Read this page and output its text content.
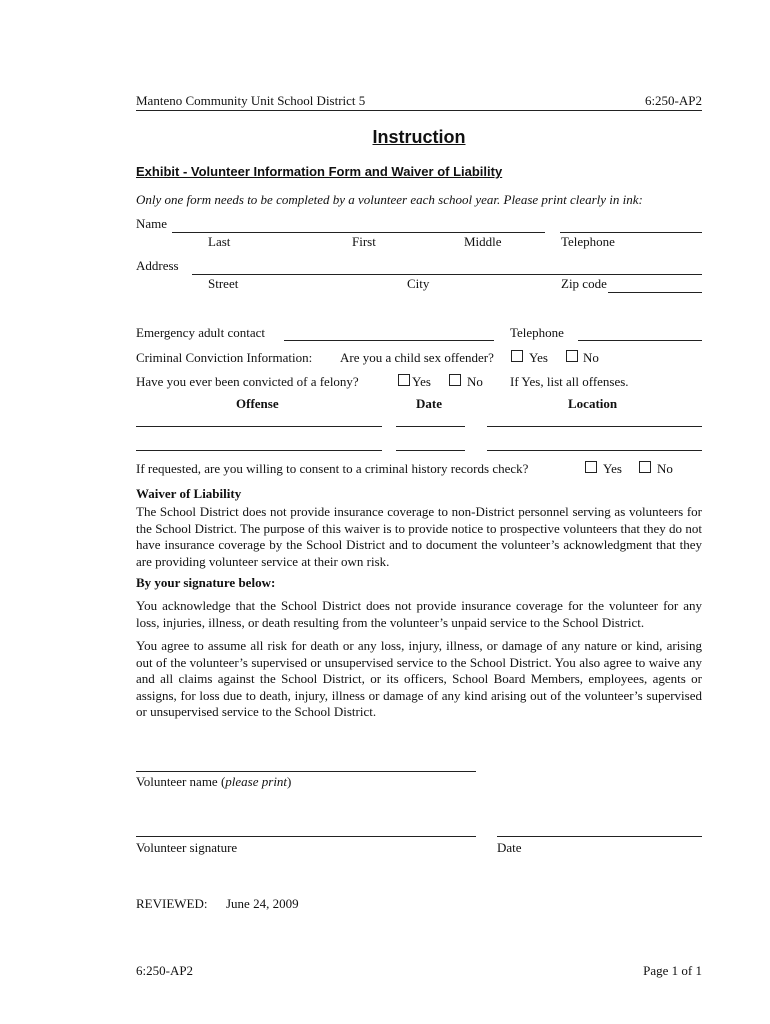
Manteno Community Unit School District 5	6:250-AP2
Instruction
Exhibit - Volunteer Information Form and Waiver of Liability
Only one form needs to be completed by a volunteer each school year. Please print clearly in ink:
Name
Last	First	Middle	Telephone
Address
Street	City	Zip code
Emergency adult contact	Telephone
Criminal Conviction Information: Are you a child sex offender?	Yes	No
Have you ever been convicted of a felony?	Yes	No If Yes, list all offenses.
Offense	Date	Location
If requested, are you willing to consent to a criminal history records check?	Yes	No
Waiver of Liability
The School District does not provide insurance coverage to non-District personnel serving as volunteers for the School District. The purpose of this waiver is to provide notice to prospective volunteers that they do not have insurance coverage by the School District and to document the volunteer’s acknowledgment that they are providing volunteer service at their own risk.
By your signature below:
You acknowledge that the School District does not provide insurance coverage for the volunteer for any loss, injuries, illness, or death resulting from the volunteer’s unpaid service to the School District.
You agree to assume all risk for death or any loss, injury, illness, or damage of any nature or kind, arising out of the volunteer’s supervised or unsupervised service to the School District. You also agree to waive any and all claims against the School District, or its officers, School Board Members, employees, agents or assigns, for loss due to death, injury, illness or damage of any kind arising out of the volunteer’s supervised or unsupervised service to the School District.
Volunteer name (please print)
Volunteer signature	Date
REVIEWED: June 24, 2009
6:250-AP2	Page 1 of 1
